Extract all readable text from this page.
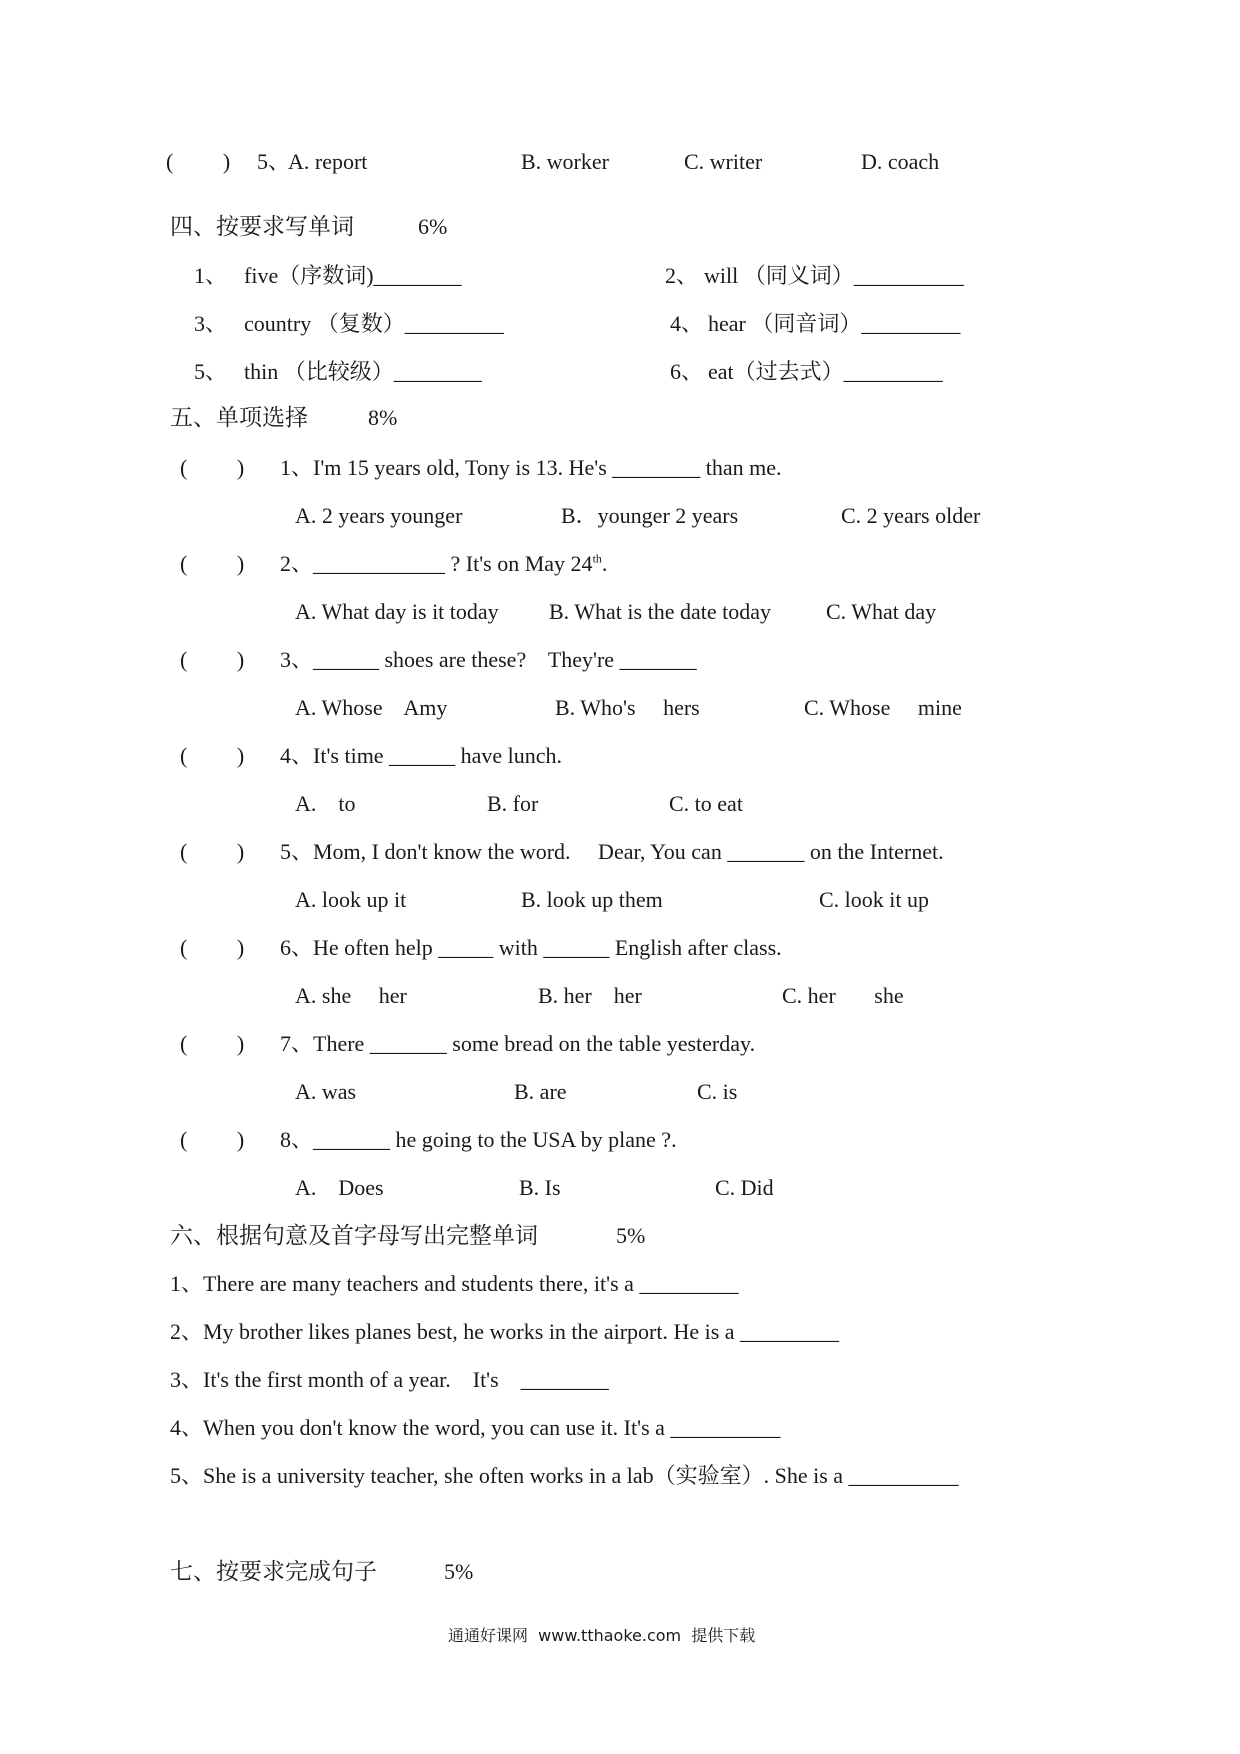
(         ) 5、
A. report	B. worker	C. writer	D. coach
四、按要求写单词	6%
1、 five（序数词)________	2、 will （同义词）__________
3、 country （复数）_________	4、 hear （同音词）_________
5、 thin （比较级）________	6、 eat（过去式）_________
五、单项选择	8%
(         ) 1、I'm 15 years old, Tony is 13. He's ________ than me.
A. 2 years younger	B．younger 2 years	C. 2 years older
(         ) 2、____________ ? It's on May 24th.
A. What day is it today B. What is the date today	C. What day
(         ) 3、______ shoes are these?    They're _______
A. Whose    Amy	B. Who's     hers	C. Whose     mine
(         ) 4、It's time ______ have lunch.
A.    to	B. for	C. to eat
(         ) 5、Mom, I don't know the word.     Dear, You can _______ on the Internet.
A. look up it	B. look up them	C. look it up
(         ) 6、He often help _____ with ______ English after class.
A. she     her	B. her    her	C. her       she
(         ) 7、There _______ some bread on the table yesterday.
A. was	B. are	C. is
(         ) 8、_______ he going to the USA by plane ?.
A.    Does	B. Is	C. Did
六、根据句意及首字母写出完整单词	5%
1、There are many teachers and students there, it's a _________
2、My brother likes planes best, he works in the airport. He is a _________
3、It's the first month of a year.    It's    ________
4、When you don't know the word, you can use it. It's a __________
5、She is a university teacher, she often works in a lab（实验室）. She is a __________
七、按要求完成句子	5%
通通好课网  www.tthaoke.com  提供下载
